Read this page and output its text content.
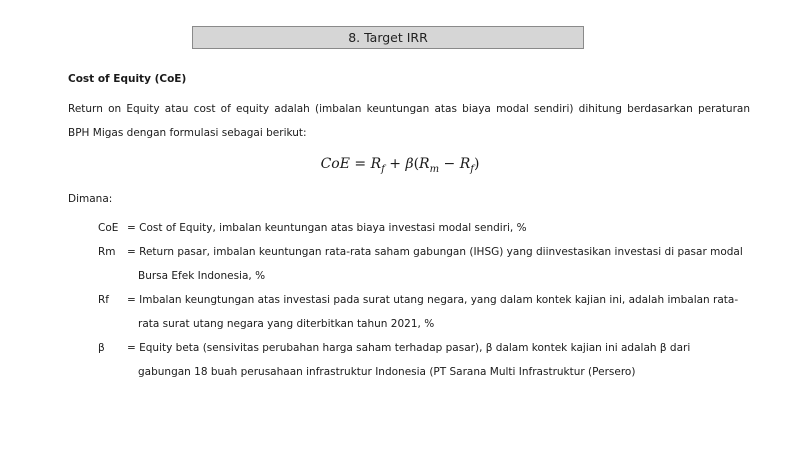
8. Target IRR
Cost of Equity (CoE)
Return on Equity atau cost of equity adalah (imbalan keuntungan atas biaya modal sendiri) dihitung berdasarkan peraturan
BPH Migas dengan formulasi sebagai berikut:
CoE = $R_f + \beta(R_m - R_f)$
Dimana:
CoE = Cost of Equity, imbalan keuntungan atas biaya investasi modal sendiri, %
Rm = Return pasar, imbalan keuntungan rata-rata saham gabungan (IHSG) yang diinvestasikan investasi di pasar modal
Bursa Efek Indonesia, %
Rf = Imbalan keungtungan atas investasi pada surat utang negara, yang dalam kontek kajian ini, adalah imbalan rata-
rata surat utang negara yang diterbitkan tahun 2021, %
β = Equity beta (sensivitas perubahan harga saham terhadap pasar), β dalam kontek kajian ini adalah β dari
gabungan 18 buah perusahaan infrastruktur Indonesia (PT Sarana Multi Infrastruktur (Persero)
